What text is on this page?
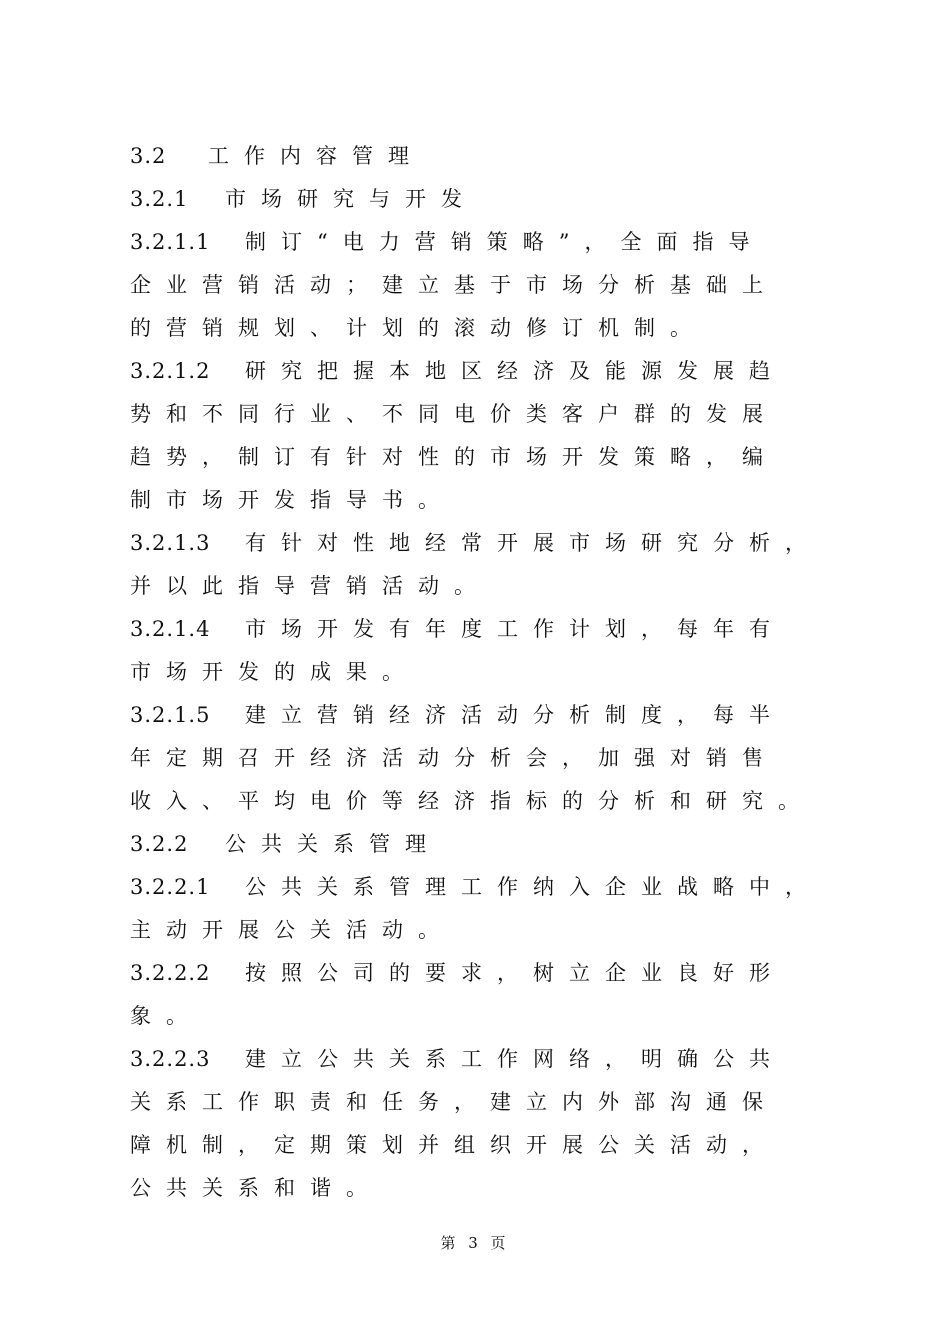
3.2 工作内容管理
3.2.1 市场研究与开发
3.2.1.1 制订“电力营销策略”，全面指导
企业营销活动；建立基于市场分析基础上
的营销规划、计划的滚动修订机制。
3.2.1.2 研究把握本地区经济及能源发展趋
势和不同行业、不同电价类客户群的发展
趋势，制订有针对性的市场开发策略，编
制市场开发指导书。
3.2.1.3 有针对性地经常开展市场研究分析，
并以此指导营销活动。
3.2.1.4 市场开发有年度工作计划，每年有
市场开发的成果。
3.2.1.5 建立营销经济活动分析制度，每半
年定期召开经济活动分析会，加强对销售
收入、平均电价等经济指标的分析和研究。
3.2.2 公共关系管理
3.2.2.1 公共关系管理工作纳入企业战略中，
主动开展公关活动。
3.2.2.2 按照公司的要求，树立企业良好形
象。
3.2.2.3 建立公共关系工作网络，明确公共
关系工作职责和任务，建立内外部沟通保
障机制，定期策划并组织开展公关活动，
公共关系和谐。
第 3 页
